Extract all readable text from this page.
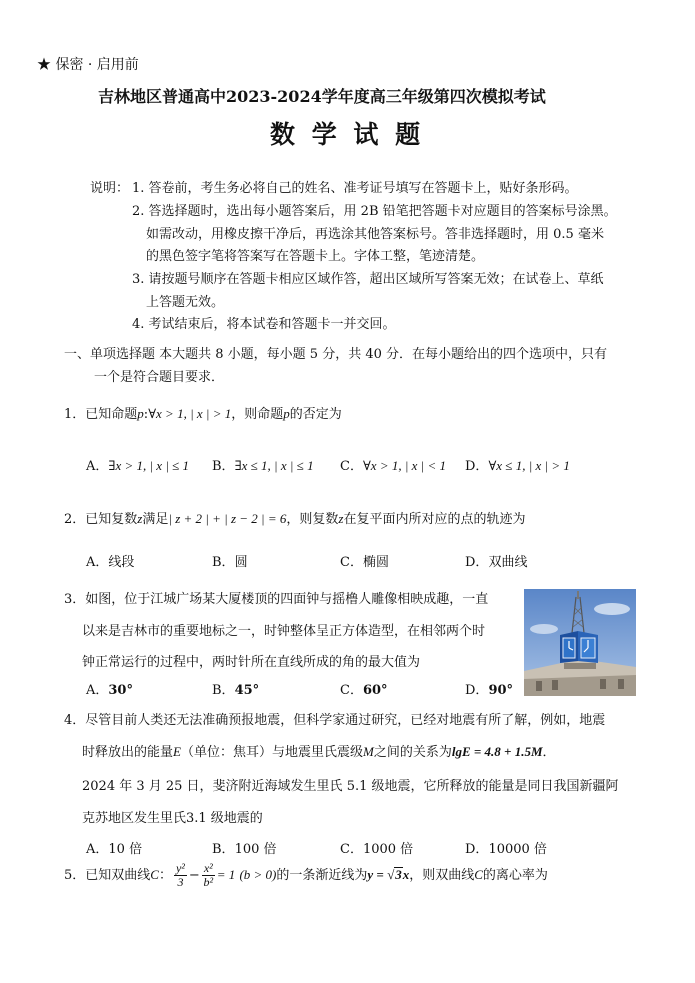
★ 保密 · 启用前
吉林地区普通高中2023-2024学年度高三年级第四次模拟考试
数 学 试 题
说明： 1. 答卷前，考生务必将自己的姓名、准考证号填写在答题卡上，贴好条形码。
2. 答选择题时，选出每小题答案后，用 2B 铅笔把答题卡对应题目的答案标号涂黑。
如需改动，用橡皮擦干净后，再选涂其他答案标号。答非选择题时，用 0.5 毫米
的黑色签字笔将答案写在答题卡上。字体工整，笔迹清楚。
3. 请按题号顺序在答题卡相应区域作答，超出区域所写答案无效；在试卷上、草纸
上答题无效。
4. 考试结束后，将本试卷和答题卡一并交回。
一、单项选择题 本大题共 8 小题，每小题 5 分，共 40 分．在每小题给出的四个选项中，只有
一个是符合题目要求．
1．已知命题p:∀x > 1, | x | > 1，则命题p的否定为
A．∃x > 1, | x | ≤ 1 B．∃x ≤ 1, | x | ≤ 1 C．∀x > 1, | x | < 1 D．∀x ≤ 1, | x | > 1
2．已知复数z满足| z + 2 | + | z − 2 | = 6，则复数z在复平面内所对应的点的轨迹为
A．线段	B．圆	C．椭圆	D．双曲线
3．如图，位于江城广场某大厦楼顶的四面钟与摇橹人雕像相映成趣，一直
以来是吉林市的重要地标之一，时钟整体呈正方体造型，在相邻两个时
钟正常运行的过程中，两时针所在直线所成的角的最大值为
A．30°	B．45°	C．60°	D．90°
4．尽管目前人类还无法准确预报地震，但科学家通过研究，已经对地震有所了解，例如，地震
时释放出的能量E（单位：焦耳）与地震里氏震级M之间的关系为lgE = 4.8 + 1.5M．
2024 年 3 月 25 日，斐济附近海域发生里氏 5.1 级地震，它所释放的能量是同日我国新疆阿
克苏地区发生里氏3.1 级地震的
A．10 倍	B．100 倍	C．1000 倍	D．10000 倍
5．已知双曲线C： $\frac{\text{y²}}{3} - \frac{\text{x²}}{\text{b²}} = 1$ (b > 0)的一条渐近线为y = √3x，则双曲线C的离心率为
